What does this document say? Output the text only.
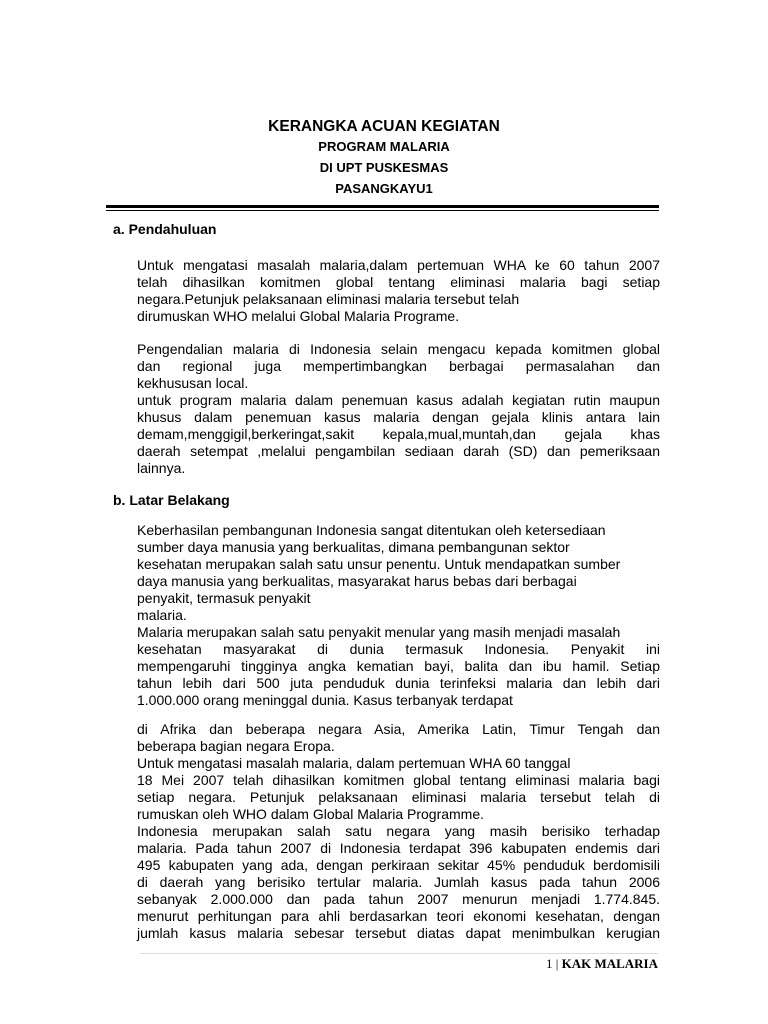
KERANGKA ACUAN KEGIATAN
PROGRAM MALARIA
DI UPT PUSKESMAS
PASANGKAYU1
a. Pendahuluan
Untuk mengatasi masalah malaria,dalam pertemuan WHA ke 60 tahun 2007
telah dihasilkan komitmen global tentang eliminasi malaria bagi setiap
negara.Petunjuk pelaksanaan eliminasi malaria tersebut telah
dirumuskan WHO melalui Global Malaria Programe.
Pengendalian malaria di Indonesia selain mengacu kepada komitmen global
dan regional juga mempertimbangkan berbagai permasalahan dan
kekhususan local.
untuk program malaria dalam penemuan kasus adalah kegiatan rutin maupun
khusus dalam penemuan kasus malaria dengan gejala klinis antara lain
demam,menggigil,berkeringat,sakit kepala,mual,muntah,dan gejala khas
daerah setempat ,melalui pengambilan sediaan darah (SD) dan pemeriksaan
lainnya.
b. Latar Belakang
Keberhasilan pembangunan Indonesia sangat ditentukan oleh ketersediaan
sumber daya manusia yang berkualitas, dimana pembangunan sektor
kesehatan merupakan salah satu unsur penentu. Untuk mendapatkan sumber
daya manusia yang berkualitas, masyarakat harus bebas dari berbagai
penyakit, termasuk penyakit
malaria.
Malaria merupakan salah satu penyakit menular yang masih menjadi masalah
kesehatan masyarakat di dunia termasuk Indonesia. Penyakit ini
mempengaruhi tingginya angka kematian bayi, balita dan ibu hamil. Setiap
tahun lebih dari 500 juta penduduk dunia terinfeksi malaria dan lebih dari
1.000.000 orang meninggal dunia. Kasus terbanyak terdapat
di Afrika dan beberapa negara Asia, Amerika Latin, Timur Tengah dan
beberapa bagian negara Eropa.
Untuk mengatasi masalah malaria, dalam pertemuan WHA 60 tanggal
18 Mei 2007 telah dihasilkan komitmen global tentang eliminasi malaria bagi
setiap negara. Petunjuk pelaksanaan eliminasi malaria tersebut telah di
rumuskan oleh WHO dalam Global Malaria Programme.
Indonesia merupakan salah satu negara yang masih berisiko terhadap
malaria. Pada tahun 2007 di Indonesia terdapat 396 kabupaten endemis dari
495 kabupaten yang ada, dengan perkiraan sekitar 45% penduduk berdomisili
di daerah yang berisiko tertular malaria. Jumlah kasus pada tahun 2006
sebanyak 2.000.000 dan pada tahun 2007 menurun menjadi 1.774.845.
menurut perhitungan para ahli berdasarkan teori ekonomi kesehatan, dengan
jumlah kasus malaria sebesar tersebut diatas dapat menimbulkan kerugian
1 | KAK MALARIA
